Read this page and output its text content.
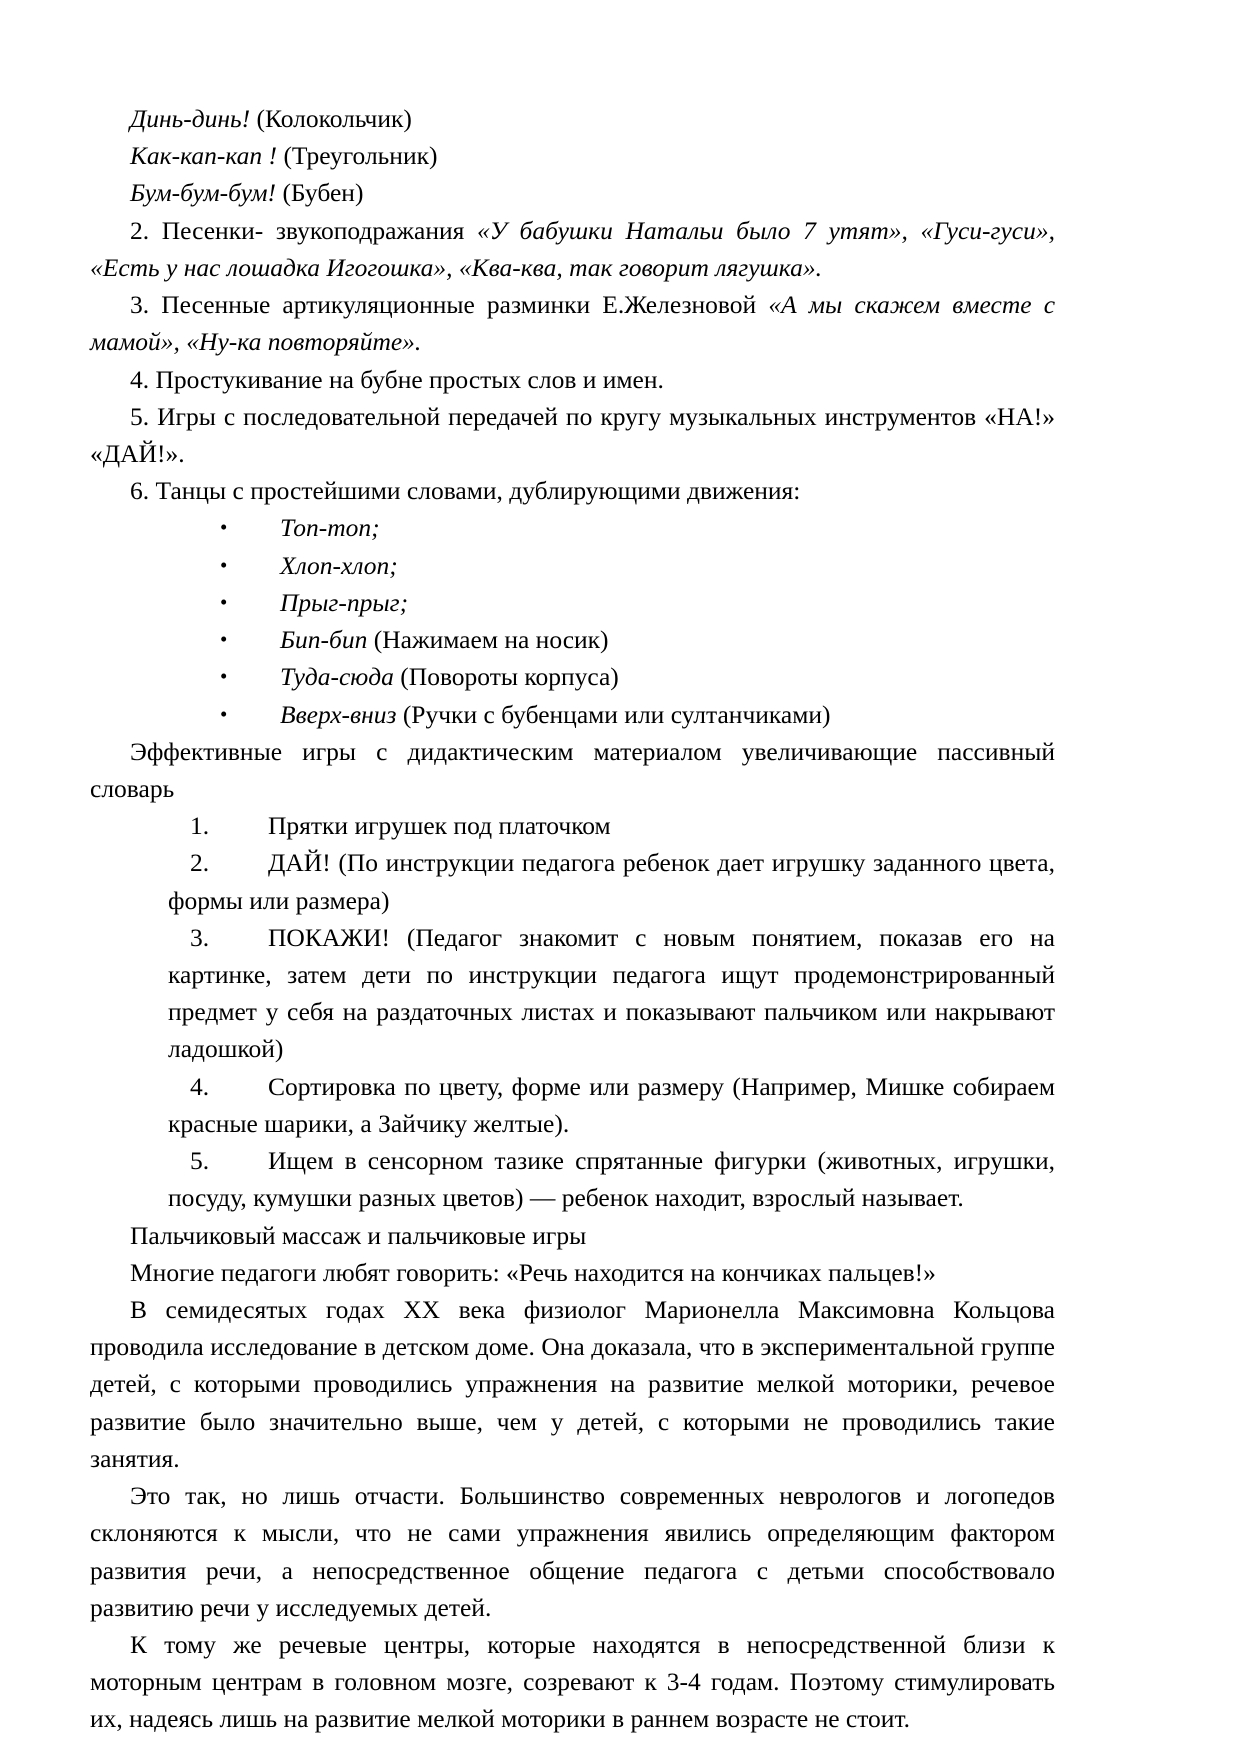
Динь-динь! (Колокольчик)
Как-кап-кап ! (Треугольник)
Бум-бум-бум! (Бубен)

2. Песенки- звукоподражания «У бабушки Натальи было 7 утят», «Гуси-гуси», «Есть у нас лошадка Игогошка», «Ква-ква, так говорит лягушка».

3. Песенные артикуляционные разминки Е.Железновой «А мы скажем вместе с мамой», «Ну-ка повторяйте».

4. Простукивание на бубне простых слов и имен.

5. Игры с последовательной передачей по кругу музыкальных инструментов «НА!» «ДАЙ!».

6. Танцы с простейшими словами, дублирующими движения:

• Топ-топ;
• Хлоп-хлоп;
• Прыг-прыг;
• Бип-бип (Нажимаем на носик)
• Туда-сюда (Повороты корпуса)
• Вверх-вниз (Ручки с бубенцами или султанчиками)

Эффективные игры с дидактическим материалом увеличивающие пассивный словарь

1.	Прятки игрушек под платочком
2.	ДАЙ! (По инструкции педагога ребенок дает игрушку заданного цвета, формы или размера)
3.	ПОКАЖИ! (Педагог знакомит с новым понятием, показав его на картинке, затем дети по инструкции педагога ищут продемонстрированный предмет у себя на раздаточных листах и показывают пальчиком или накрывают ладошкой)
4.	Сортировка по цвету, форме или размеру (Например, Мишке собираем красные шарики, а Зайчику желтые).
5.	Ищем в сенсорном тазике спрятанные фигурки (животных, игрушки, посуду, кумушки разных цветов) — ребенок находит, взрослый называет.

Пальчиковый массаж и пальчиковые игры

Многие педагоги любят говорить: «Речь находится на кончиках пальцев!»

В семидесятых годах XX века физиолог Марионелла Максимовна Кольцова проводила исследование в детском доме. Она доказала, что в экспериментальной группе детей, с которыми проводились упражнения на развитие мелкой моторики, речевое развитие было значительно выше, чем у детей, с которыми не проводились такие занятия.

Это так, но лишь отчасти. Большинство современных неврологов и логопедов склоняются к мысли, что не сами упражнения явились определяющим фактором развития речи, а непосредственное общение педагога с детьми способствовало развитию речи у исследуемых детей.

К тому же речевые центры, которые находятся в непосредственной близи к моторным центрам в головном мозге, созревают к 3-4 годам. Поэтому стимулировать их, надеясь лишь на развитие мелкой моторики в раннем возрасте не стоит.
